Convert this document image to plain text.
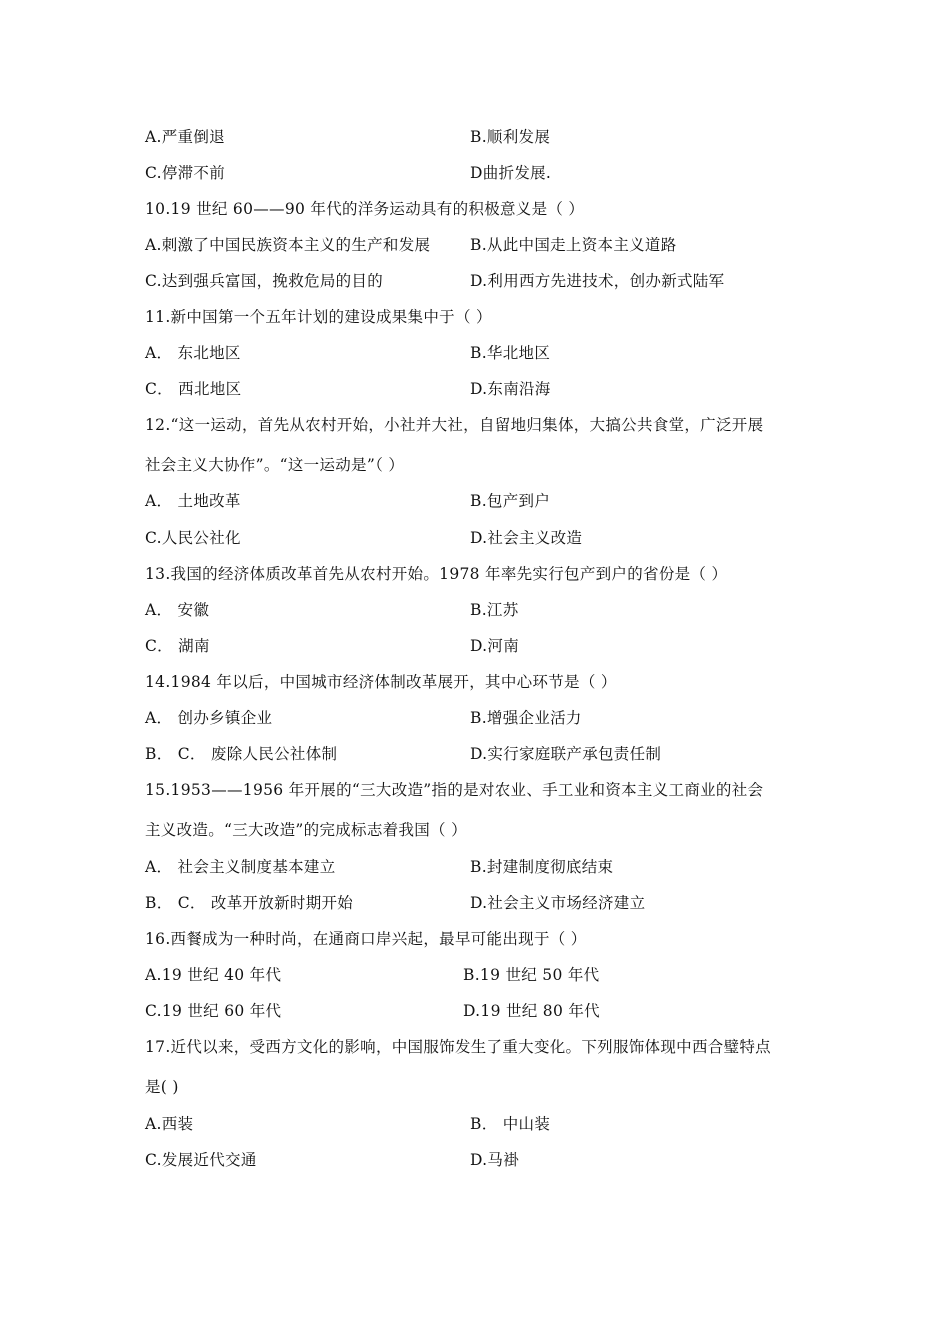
A.严重倒退	B.顺利发展
C.停滞不前	D曲折发展.
10.19 世纪 60——90 年代的洋务运动具有的积极意义是（ ）
A.刺激了中国民族资本主义的生产和发展	B.从此中国走上资本主义道路
C.达到强兵富国，挽救危局的目的	D.利用西方先进技术，创办新式陆军
11.新中国第一个五年计划的建设成果集中于（ ）
A． 东北地区	B.华北地区
C． 西北地区	D.东南沿海
12.“这一运动，首先从农村开始，小社并大社，自留地归集体，大搞公共食堂，广泛开展
社会主义大协作”。“这一运动是”（ ）
A． 土地改革	B.包产到户
C.人民公社化	D.社会主义改造
13.我国的经济体质改革首先从农村开始。1978 年率先实行包产到户的省份是（ ）
A． 安徽	B.江苏
C． 湖南	D.河南
14.1984 年以后，中国城市经济体制改革展开，其中心环节是（ ）
A． 创办乡镇企业	B.增强企业活力
B． C． 废除人民公社体制	D.实行家庭联产承包责任制
15.1953——1956 年开展的“三大改造”指的是对农业、手工业和资本主义工商业的社会
主义改造。“三大改造”的完成标志着我国（ ）
A． 社会主义制度基本建立	B.封建制度彻底结束
B． C． 改革开放新时期开始	D.社会主义市场经济建立
16.西餐成为一种时尚，在通商口岸兴起，最早可能出现于（ ）
A.19 世纪 40 年代	B.19 世纪 50 年代
C.19 世纪 60 年代	D.19 世纪 80 年代
17.近代以来，受西方文化的影响，中国服饰发生了重大变化。下列服饰体现中西合璧特点
是( )
A.西装	B． 中山装
C.发展近代交通	D.马褂
